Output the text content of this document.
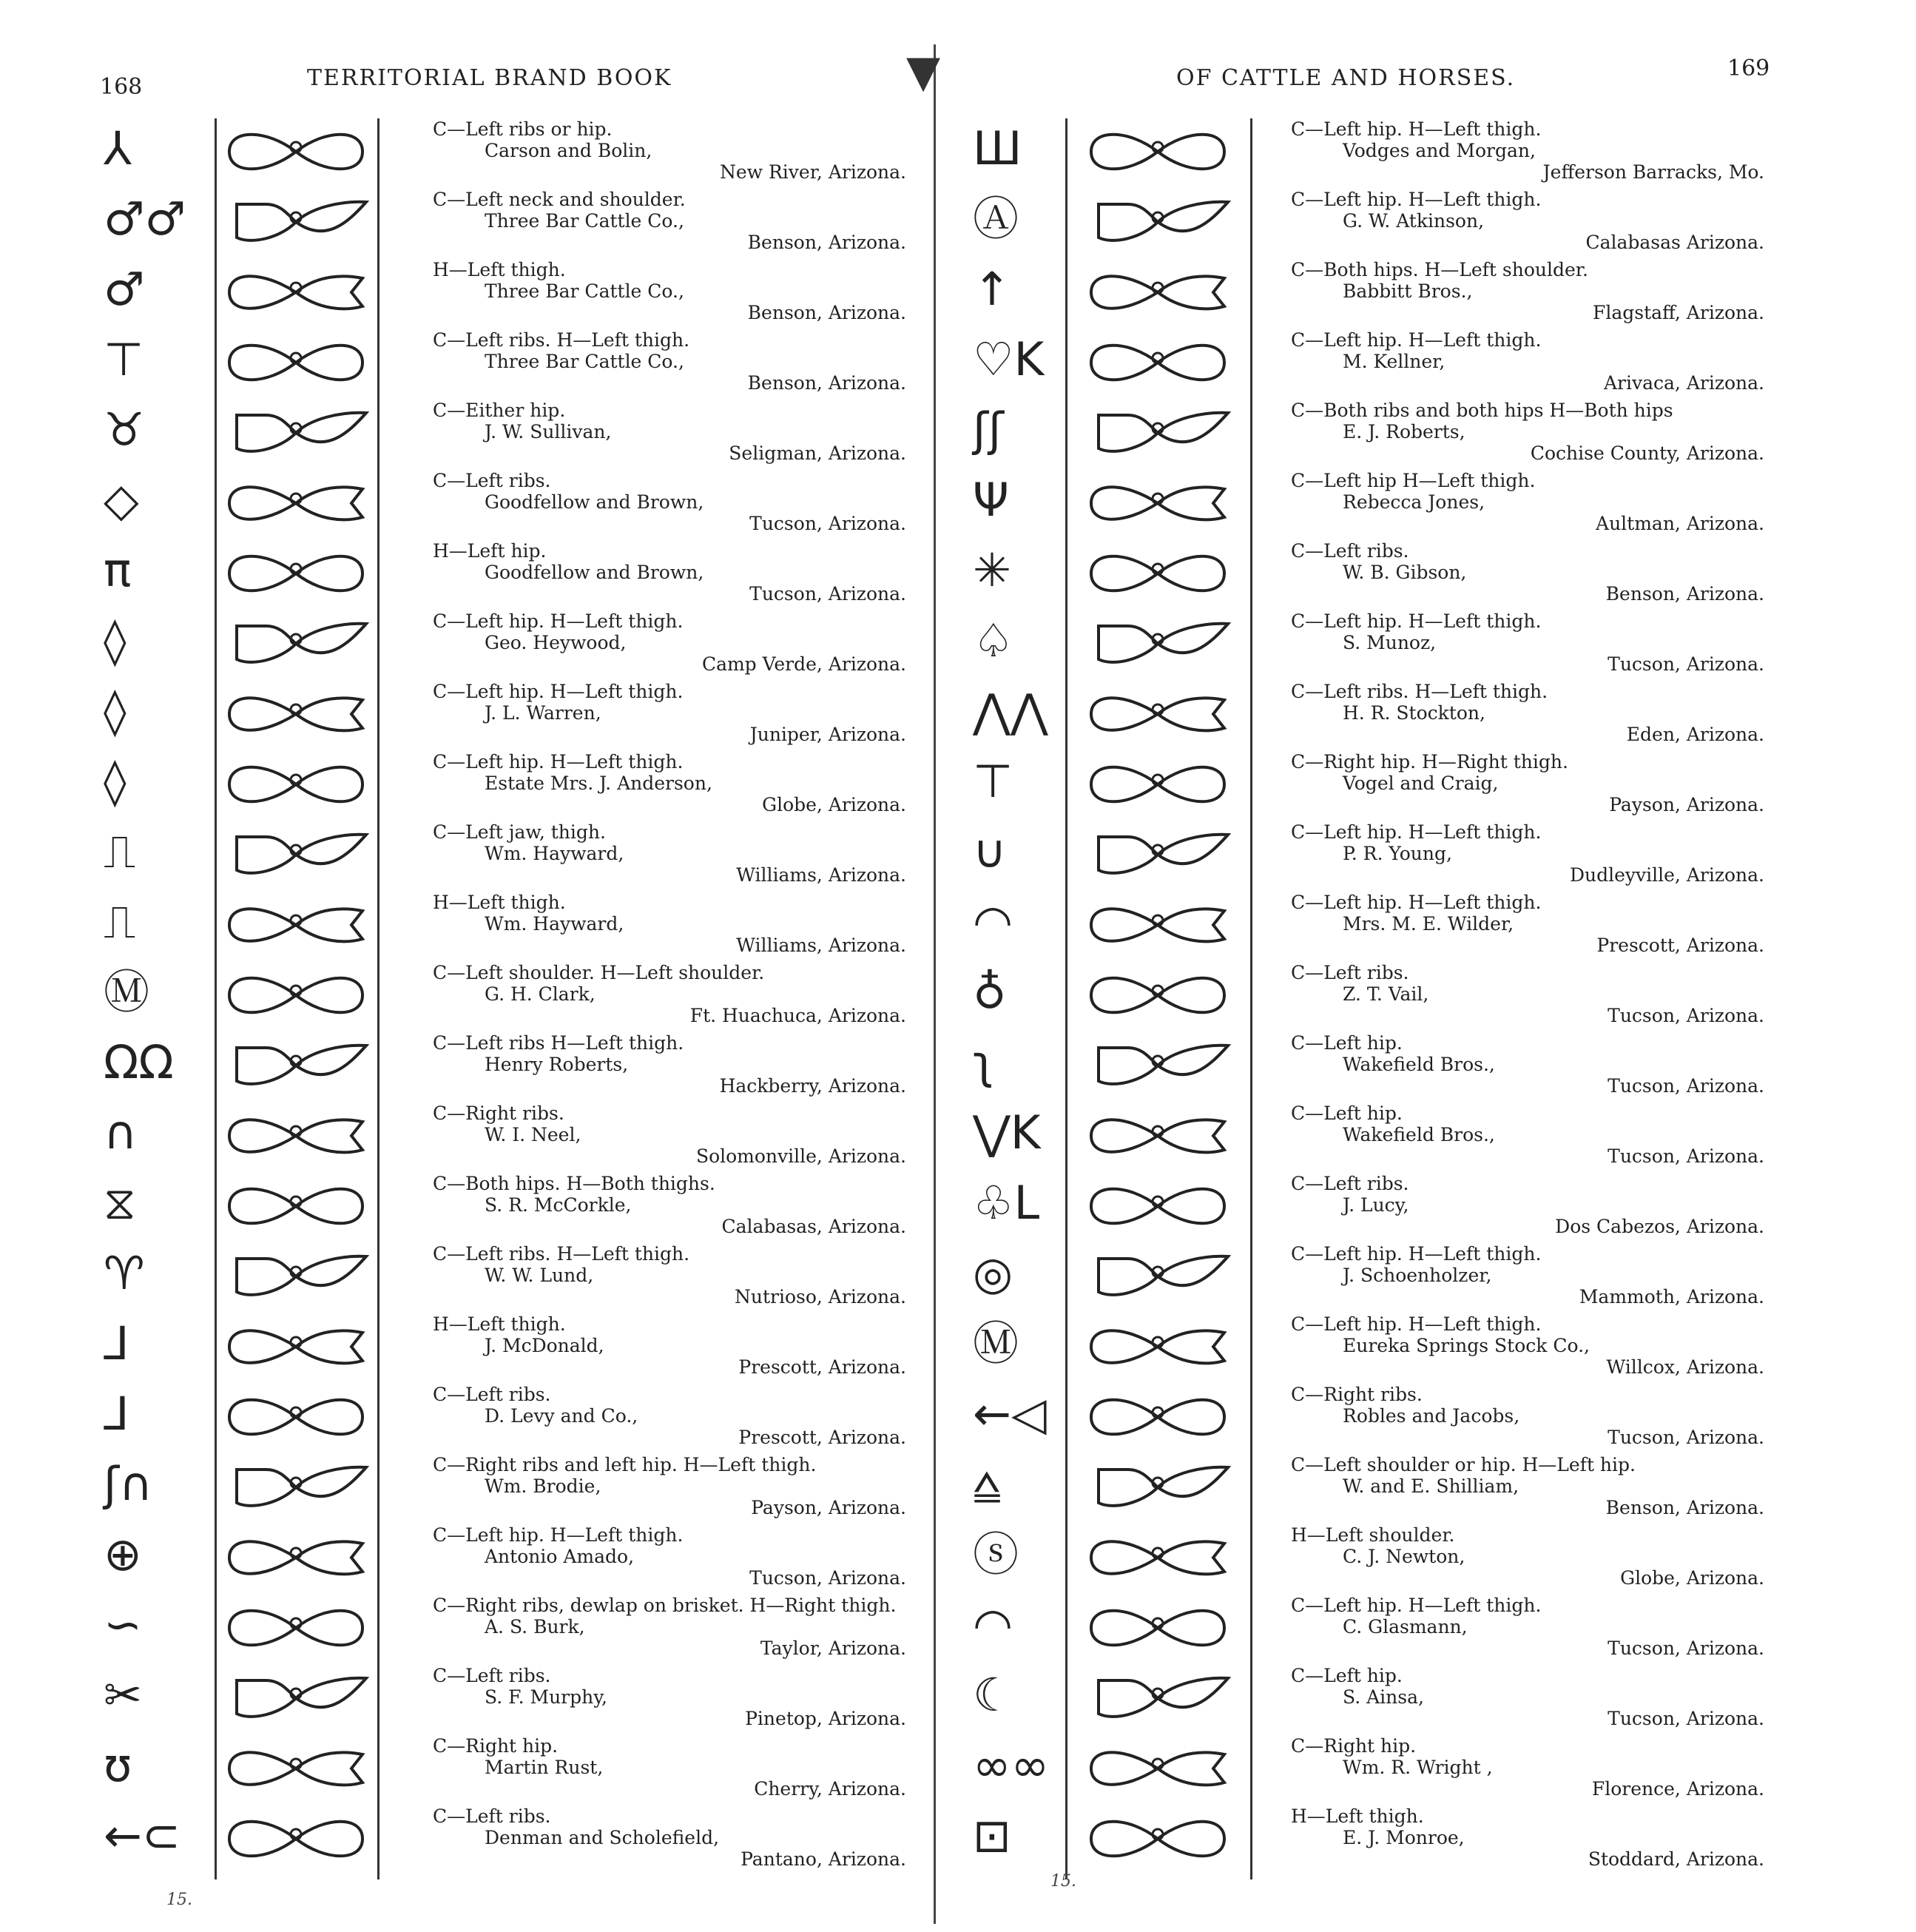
168	TERRITORIAL BRAND BOOK	OF CATTLE AND HORSES.	169
▼
⅄	C—Left ribs or hip.
Carson and Bolin,
New River, Arizona.
♂♂	C—Left neck and shoulder.
Three Bar Cattle Co.,
Benson, Arizona.
♂	H—Left thigh.
Three Bar Cattle Co.,
Benson, Arizona.
⊤	C—Left ribs. H—Left thigh.
Three Bar Cattle Co.,
Benson, Arizona.
♉	C—Either hip.
J. W. Sullivan,
Seligman, Arizona.
◇	C—Left ribs.
Goodfellow and Brown,
Tucson, Arizona.
π	H—Left hip.
Goodfellow and Brown,
Tucson, Arizona.
◊	C—Left hip. H—Left thigh.
Geo. Heywood,
Camp Verde, Arizona.
◊	C—Left hip. H—Left thigh.
J. L. Warren,
Juniper, Arizona.
◊	C—Left hip. H—Left thigh.
Estate Mrs. J. Anderson,
Globe, Arizona.
⎍	C—Left jaw, thigh.
Wm. Hayward,
Williams, Arizona.
⎍	H—Left thigh.
Wm. Hayward,
Williams, Arizona.
Ⓜ	C—Left shoulder. H—Left shoulder.
G. H. Clark,
Ft. Huachuca, Arizona.
ΩΩ	C—Left ribs H—Left thigh.
Henry Roberts,
Hackberry, Arizona.
∩	C—Right ribs.
W. I. Neel,
Solomonville, Arizona.
⧖	C—Both hips. H—Both thighs.
S. R. McCorkle,
Calabasas, Arizona.
♈	C—Left ribs. H—Left thigh.
W. W. Lund,
Nutrioso, Arizona.
⅃	H—Left thigh.
J. McDonald,
Prescott, Arizona.
⅃	C—Left ribs.
D. Levy and Co.,
Prescott, Arizona.
ʃ∩	C—Right ribs and left hip. H—Left thigh.
Wm. Brodie,
Payson, Arizona.
⊕	C—Left hip. H—Left thigh.
Antonio Amado,
Tucson, Arizona.
∽	C—Right ribs, dewlap on brisket. H—Right thigh.
A. S. Burk,
Taylor, Arizona.
✂	C—Left ribs.
S. F. Murphy,
Pinetop, Arizona.
ʊ	C—Right hip.
Martin Rust,
Cherry, Arizona.
←⊂	C—Left ribs.
Denman and Scholefield,
Pantano, Arizona.
Ш	C—Left hip. H—Left thigh.
Vodges and Morgan,
Jefferson Barracks, Mo.
Ⓐ	C—Left hip. H—Left thigh.
G. W. Atkinson,
Calabasas Arizona.
↑	C—Both hips. H—Left shoulder.
Babbitt Bros.,
Flagstaff, Arizona.
♡K	C—Left hip. H—Left thigh.
M. Kellner,
Arivaca, Arizona.
ʃʃ	C—Both ribs and both hips H—Both hips
E. J. Roberts,
Cochise County, Arizona.
Ψ	C—Left hip H—Left thigh.
Rebecca Jones,
Aultman, Arizona.
✳	C—Left ribs.
W. B. Gibson,
Benson, Arizona.
♤	C—Left hip. H—Left thigh.
S. Munoz,
Tucson, Arizona.
⋀⋀	C—Left ribs. H—Left thigh.
H. R. Stockton,
Eden, Arizona.
⊤	C—Right hip. H—Right thigh.
Vogel and Craig,
Payson, Arizona.
∪	C—Left hip. H—Left thigh.
P. R. Young,
Dudleyville, Arizona.
◠	C—Left hip. H—Left thigh.
Mrs. M. E. Wilder,
Prescott, Arizona.
♁	C—Left ribs.
Z. T. Vail,
Tucson, Arizona.
ʅ	C—Left hip.
Wakefield Bros.,
Tucson, Arizona.
⋁K	C—Left hip.
Wakefield Bros.,
Tucson, Arizona.
♧L	C—Left ribs.
J. Lucy,
Dos Cabezos, Arizona.
◎	C—Left hip. H—Left thigh.
J. Schoenholzer,
Mammoth, Arizona.
Ⓜ	C—Left hip. H—Left thigh.
Eureka Springs Stock Co.,
Willcox, Arizona.
←◁	C—Right ribs.
Robles and Jacobs,
Tucson, Arizona.
⩠	C—Left shoulder or hip. H—Left hip.
W. and E. Shilliam,
Benson, Arizona.
ⓢ	H—Left shoulder.
C. J. Newton,
Globe, Arizona.
◠	C—Left hip. H—Left thigh.
C. Glasmann,
Tucson, Arizona.
☾	C—Left hip.
S. Ainsa,
Tucson, Arizona.
∞∞	C—Right hip.
Wm. R. Wright ,
Florence, Arizona.
⊡	H—Left thigh.
E. J. Monroe,
Stoddard, Arizona.
15.
15.
